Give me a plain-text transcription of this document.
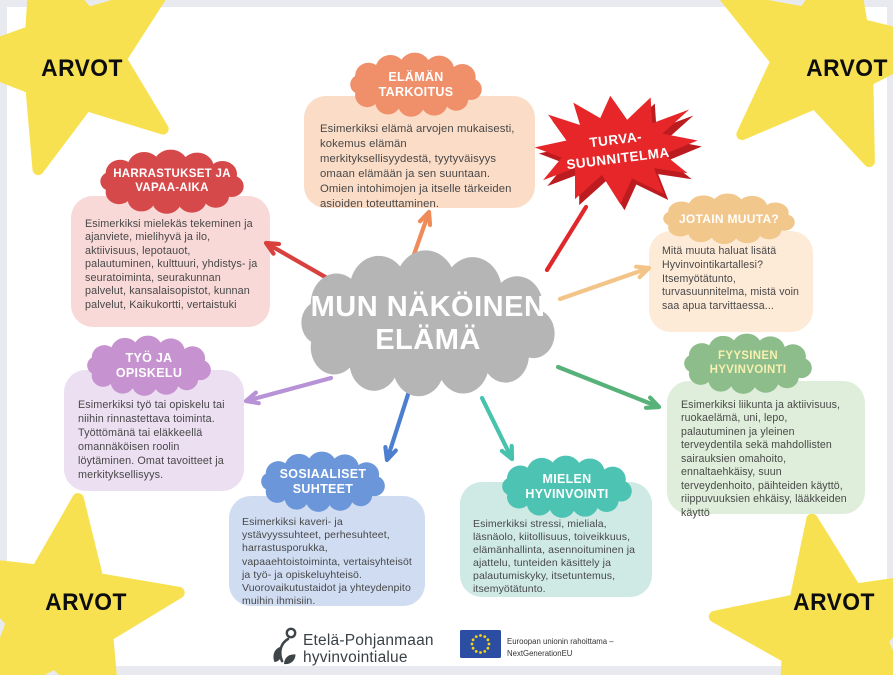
ARVOT	ARVOT
ARVOT	ARVOT

Esimerkiksi elämä arvojen mukaisesti, kokemus elämän merkityksellisyydestä, tyytyväisyys omaan elämään ja sen suuntaan. Omien intohimojen ja itselle tärkeiden asioiden toteuttaminen.

Esimerkiksi mielekäs tekeminen ja ajanviete, mielihyvä ja ilo, aktiivisuus, lepotauot, palautuminen, kulttuuri, yhdistys- ja seuratoiminta, seurakunnan palvelut, kansalaisopistot, kunnan palvelut, Kaikukortti, vertaistuki

Mitä muuta haluat lisätä Hyvinvointikartallesi? Itsemyötätunto, turvasuunnitelma, mistä voin saa apua tarvittaessa...

Esimerkiksi liikunta ja aktiivisuus, ruokaelämä, uni, lepo, palautuminen ja yleinen terveydentila sekä mahdollisten sairauksien omahoito, ennaltaehkäisy, suun terveydenhoito, päihteiden käyttö, riippuvuuksien ehkäisy, lääkkeiden käyttö

Esimerkiksi työ tai opiskelu tai niihin rinnastettava toiminta. Työttömänä tai eläkkeellä omannäköisen roolin löytäminen. Omat tavoitteet ja merkityksellisyys.

Esimerkiksi kaveri- ja ystävyyssuhteet, perhesuhteet, harrastusporukka, vapaaehtoistoiminta, vertaisyhteisöt ja työ- ja opiskeluyhteisö. Vuorovaikutustaidot ja yhteydenpito muihin ihmisiin.

Esimerkiksi stressi, mieliala, läsnäolo, kiitollisuus, toiveikkuus, elämänhallinta, asennoituminen ja ajattelu, tunteiden käsittely ja palautumiskyky, itsetuntemus, itsemyötätunto.

TURVA-SUUNNITELMA
ELÄMÄN TARKOITUS
HARRASTUKSET JA VAPAA-AIKA
JOTAIN MUUTA?
FYYSINEN HYVINVOINTI
TYÖ JA OPISKELU
SOSIAALISET SUHTEET
MIELEN HYVINVOINTI
MUN NÄKÖINEN ELÄMÄ
Etelä-Pohjanmaan
hyvinvointialue
Euroopan unionin rahoittama –
NextGenerationEU
